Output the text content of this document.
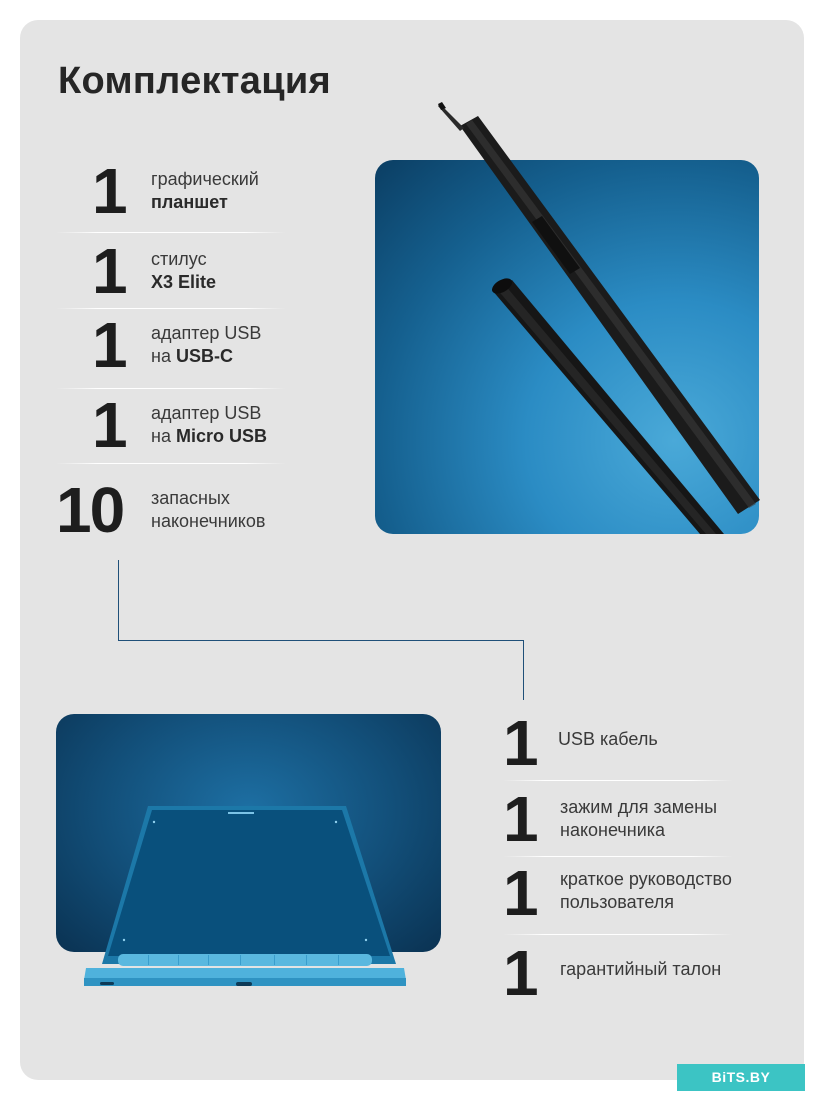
Комплектация
1 графический
планшет
1 стилус
X3 Elite
1 адаптер USB
на USB-C
1 адаптер USB
на Micro USB
10 запасных
наконечников
1 USB кабель
1 зажим для замены
наконечника
1 краткое руководство
пользователя
1 гарантийный талон
BiTS.BY
